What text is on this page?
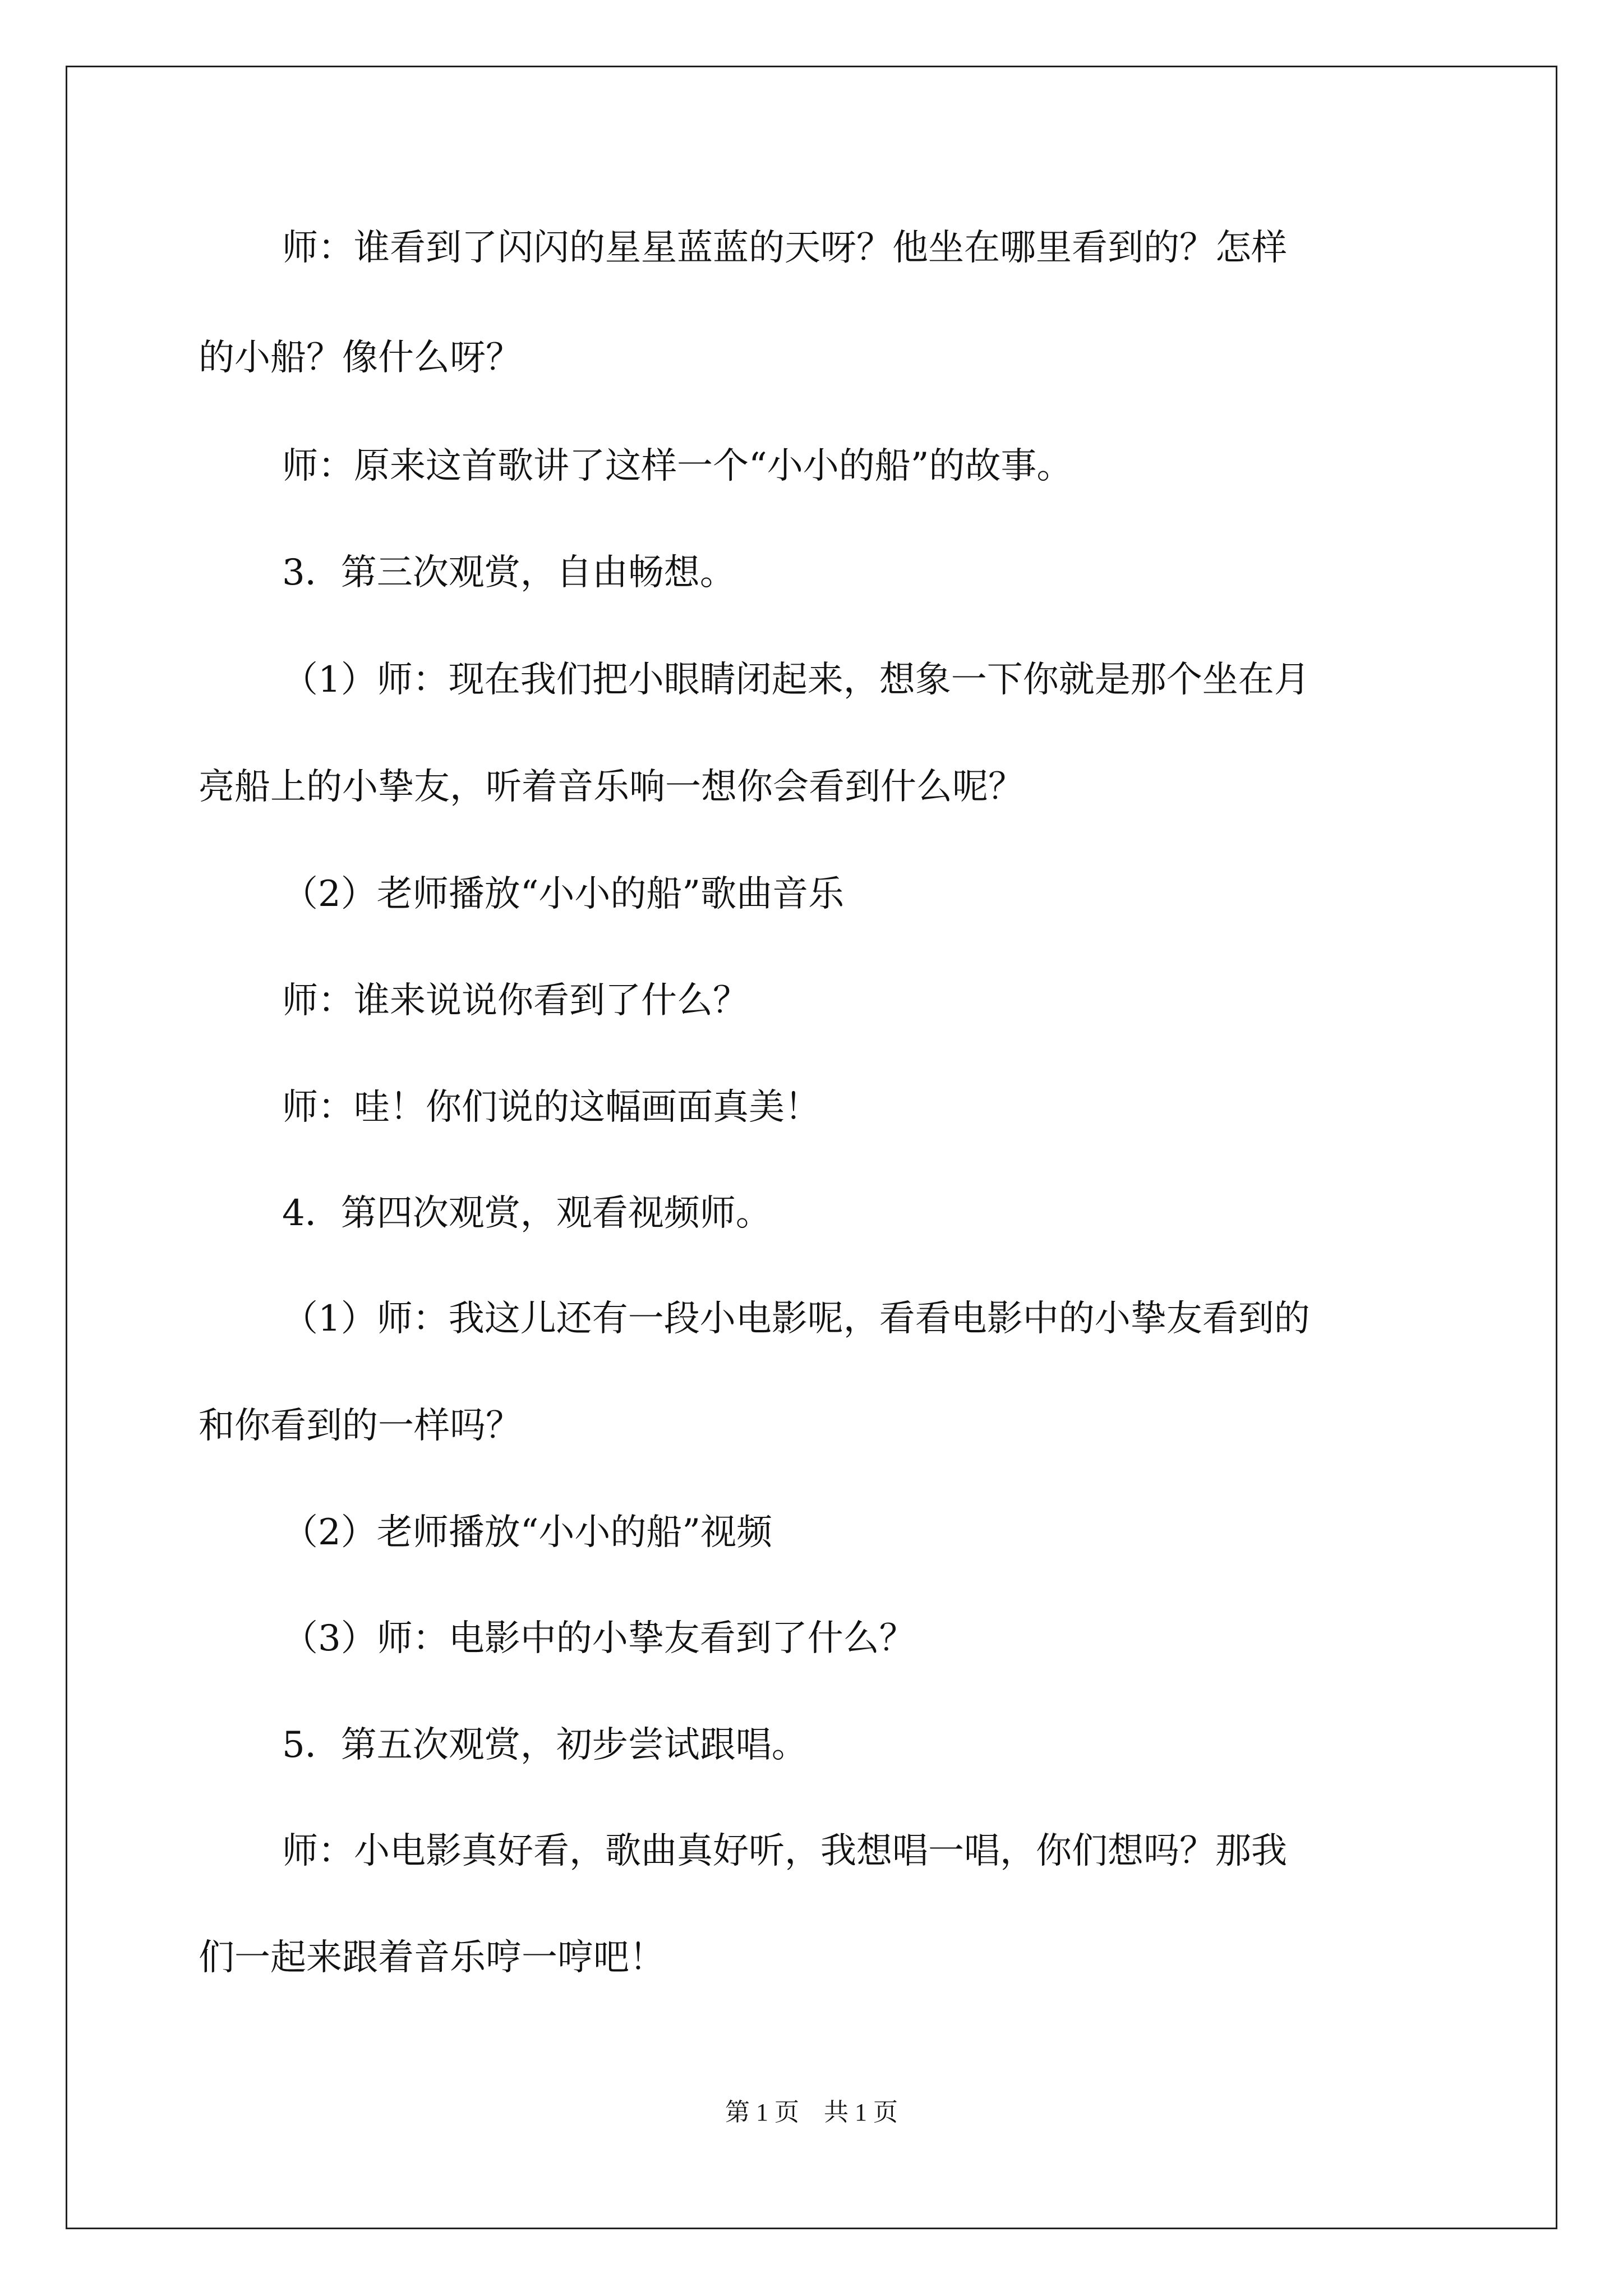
师：谁看到了闪闪的星星蓝蓝的天呀？他坐在哪里看到的？怎样
的小船？像什么呀？
师：原来这首歌讲了这样一个“小小的船”的故事。
3．第三次观赏，自由畅想。
（1）师：现在我们把小眼睛闭起来，想象一下你就是那个坐在月
亮船上的小挚友，听着音乐响一想你会看到什么呢？
（2）老师播放“小小的船”歌曲音乐
师：谁来说说你看到了什么？
师：哇！你们说的这幅画面真美！
4．第四次观赏，观看视频师。
（1）师：我这儿还有一段小电影呢，看看电影中的小挚友看到的
和你看到的一样吗？
（2）老师播放“小小的船”视频
（3）师：电影中的小挚友看到了什么？
5．第五次观赏，初步尝试跟唱。
师：小电影真好看，歌曲真好听，我想唱一唱，你们想吗？那我
们一起来跟着音乐哼一哼吧！
第 1 页    共 1 页
